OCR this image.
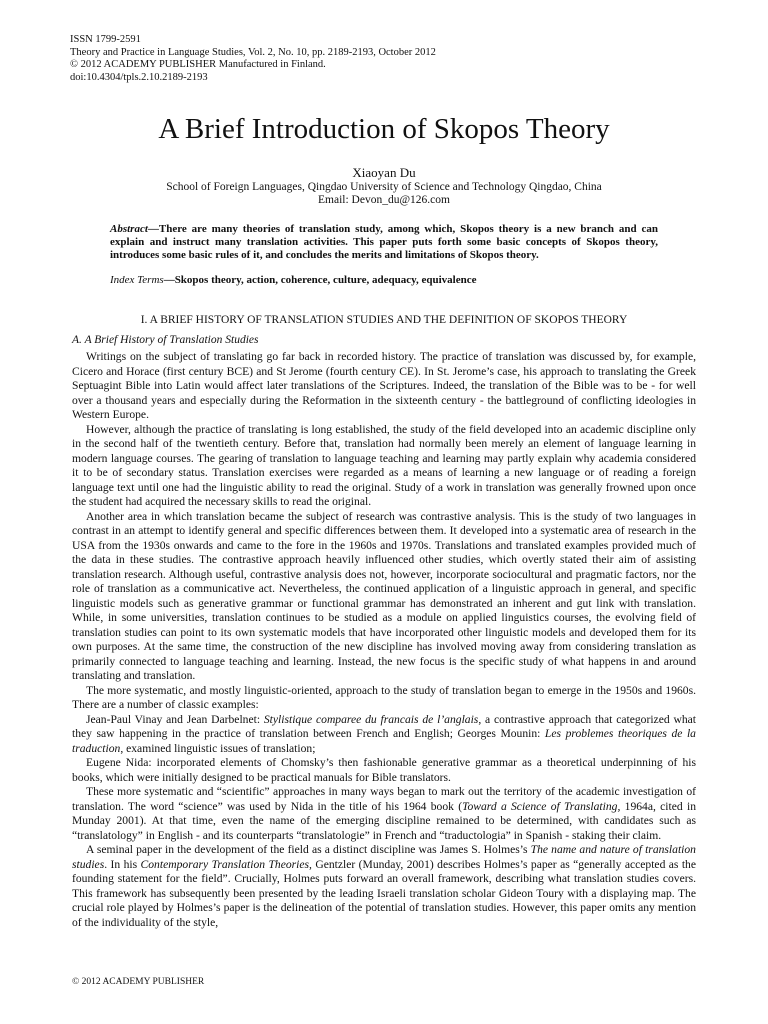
ISSN 1799-2591
Theory and Practice in Language Studies, Vol. 2, No. 10, pp. 2189-2193, October 2012
© 2012 ACADEMY PUBLISHER Manufactured in Finland.
doi:10.4304/tpls.2.10.2189-2193
A Brief Introduction of Skopos Theory
Xiaoyan Du
School of Foreign Languages, Qingdao University of Science and Technology Qingdao, China
Email: Devon_du@126.com
Abstract—There are many theories of translation study, among which, Skopos theory is a new branch and can explain and instruct many translation activities. This paper puts forth some basic concepts of Skopos theory, introduces some basic rules of it, and concludes the merits and limitations of Skopos theory.
Index Terms—Skopos theory, action, coherence, culture, adequacy, equivalence
I. A BRIEF HISTORY OF TRANSLATION STUDIES AND THE DEFINITION OF SKOPOS THEORY
A. A Brief History of Translation Studies

Writings on the subject of translating go far back in recorded history. The practice of translation was discussed by, for example, Cicero and Horace (first century BCE) and St Jerome (fourth century CE). In St. Jerome’s case, his approach to translating the Greek Septuagint Bible into Latin would affect later translations of the Scriptures. Indeed, the translation of the Bible was to be - for well over a thousand years and especially during the Reformation in the sixteenth century - the battleground of conflicting ideologies in Western Europe.

However, although the practice of translating is long established, the study of the field developed into an academic discipline only in the second half of the twentieth century. Before that, translation had normally been merely an element of language learning in modern language courses. The gearing of translation to language teaching and learning may partly explain why academia considered it to be of secondary status. Translation exercises were regarded as a means of learning a new language or of reading a foreign language text until one had the linguistic ability to read the original. Study of a work in translation was generally frowned upon once the student had acquired the necessary skills to read the original.

Another area in which translation became the subject of research was contrastive analysis. This is the study of two languages in contrast in an attempt to identify general and specific differences between them. It developed into a systematic area of research in the USA from the 1930s onwards and came to the fore in the 1960s and 1970s. Translations and translated examples provided much of the data in these studies. The contrastive approach heavily influenced other studies, which overtly stated their aim of assisting translation research. Although useful, contrastive analysis does not, however, incorporate sociocultural and pragmatic factors, nor the role of translation as a communicative act. Nevertheless, the continued application of a linguistic approach in general, and specific linguistic models such as generative grammar or functional grammar has demonstrated an inherent and gut link with translation. While, in some universities, translation continues to be studied as a module on applied linguistics courses, the evolving field of translation studies can point to its own systematic models that have incorporated other linguistic models and developed them for its own purposes. At the same time, the construction of the new discipline has involved moving away from considering translation as primarily connected to language teaching and learning. Instead, the new focus is the specific study of what happens in and around translating and translation.

The more systematic, and mostly linguistic-oriented, approach to the study of translation began to emerge in the 1950s and 1960s. There are a number of classic examples:

Jean-Paul Vinay and Jean Darbelnet: Stylistique comparee du francais de l’anglais, a contrastive approach that categorized what they saw happening in the practice of translation between French and English; Georges Mounin: Les problemes theoriques de la traduction, examined linguistic issues of translation;

Eugene Nida: incorporated elements of Chomsky’s then fashionable generative grammar as a theoretical underpinning of his books, which were initially designed to be practical manuals for Bible translators.

These more systematic and “scientific” approaches in many ways began to mark out the territory of the academic investigation of translation. The word “science” was used by Nida in the title of his 1964 book (Toward a Science of Translating, 1964a, cited in Munday 2001). At that time, even the name of the emerging discipline remained to be determined, with candidates such as “translatology” in English - and its counterparts “translatologie” in French and “traductologia” in Spanish - staking their claim.

A seminal paper in the development of the field as a distinct discipline was James S. Holmes’s The name and nature of translation studies. In his Contemporary Translation Theories, Gentzler (Munday, 2001) describes Holmes’s paper as “generally accepted as the founding statement for the field”. Crucially, Holmes puts forward an overall framework, describing what translation studies covers. This framework has subsequently been presented by the leading Israeli translation scholar Gideon Toury with a displaying map. The crucial role played by Holmes’s paper is the delineation of the potential of translation studies. However, this paper omits any mention of the individuality of the style,

© 2012 ACADEMY PUBLISHER
